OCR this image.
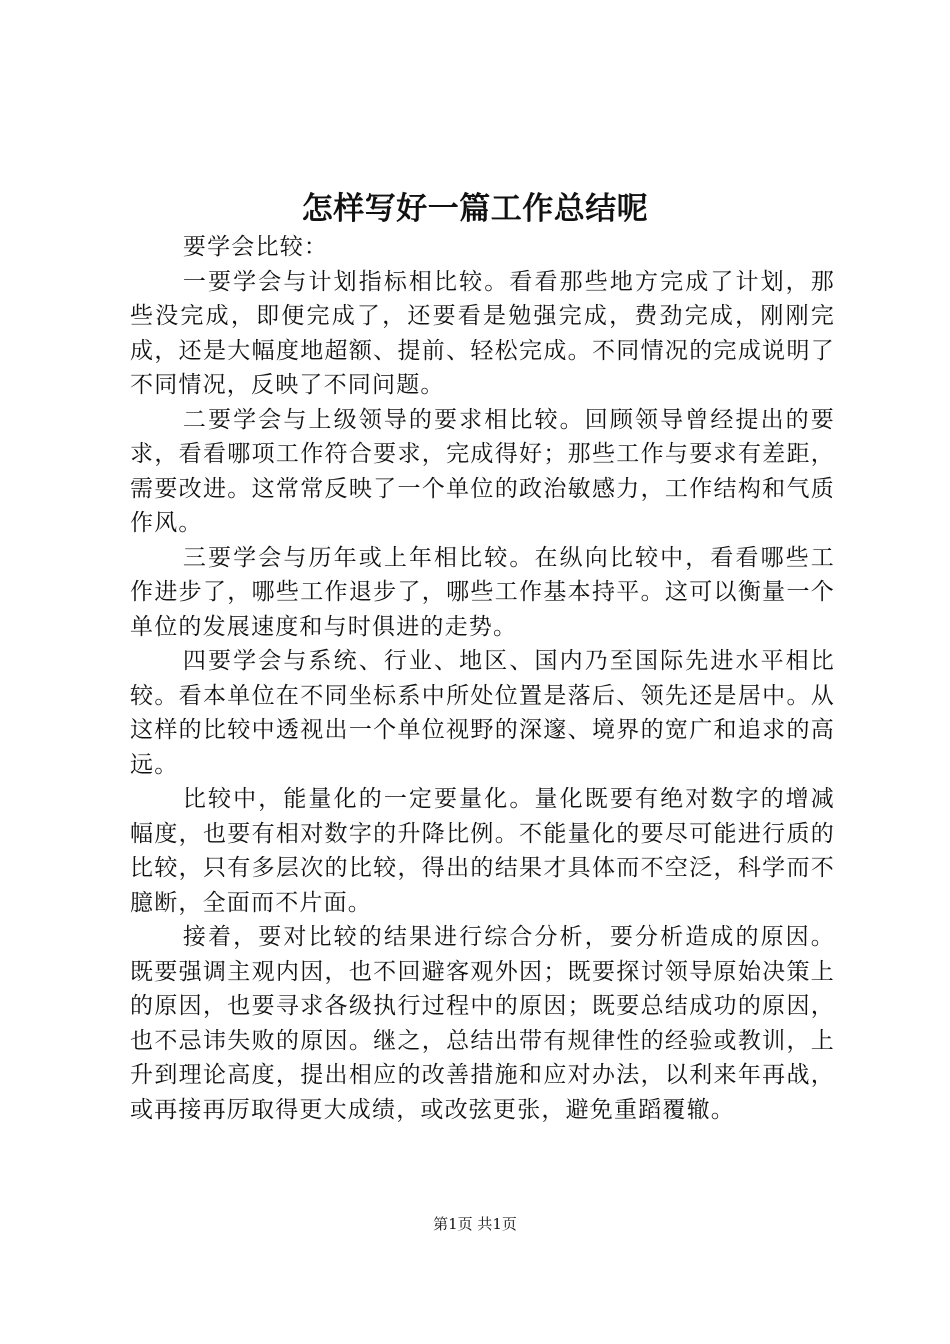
怎样写好一篇工作总结呢

要学会比较：

一要学会与计划指标相比较。看看那些地方完成了计划，那些没完成，即便完成了，还要看是勉强完成，费劲完成，刚刚完成，还是大幅度地超额、提前、轻松完成。不同情况的完成说明了不同情况，反映了不同问题。

二要学会与上级领导的要求相比较。回顾领导曾经提出的要求，看看哪项工作符合要求，完成得好；那些工作与要求有差距，需要改进。这常常反映了一个单位的政治敏感力，工作结构和气质作风。

三要学会与历年或上年相比较。在纵向比较中，看看哪些工作进步了，哪些工作退步了，哪些工作基本持平。这可以衡量一个单位的发展速度和与时俱进的走势。

四要学会与系统、行业、地区、国内乃至国际先进水平相比较。看本单位在不同坐标系中所处位置是落后、领先还是居中。从这样的比较中透视出一个单位视野的深邃、境界的宽广和追求的高远。

比较中，能量化的一定要量化。量化既要有绝对数字的增减幅度，也要有相对数字的升降比例。不能量化的要尽可能进行质的比较，只有多层次的比较，得出的结果才具体而不空泛，科学而不臆断，全面而不片面。

接着，要对比较的结果进行综合分析，要分析造成的原因。既要强调主观内因，也不回避客观外因；既要探讨领导原始决策上的原因，也要寻求各级执行过程中的原因；既要总结成功的原因，也不忌讳失败的原因。继之，总结出带有规律性的经验或教训，上升到理论高度，提出相应的改善措施和应对办法，以利来年再战，或再接再厉取得更大成绩，或改弦更张，避免重蹈覆辙。

第1页 共1页
